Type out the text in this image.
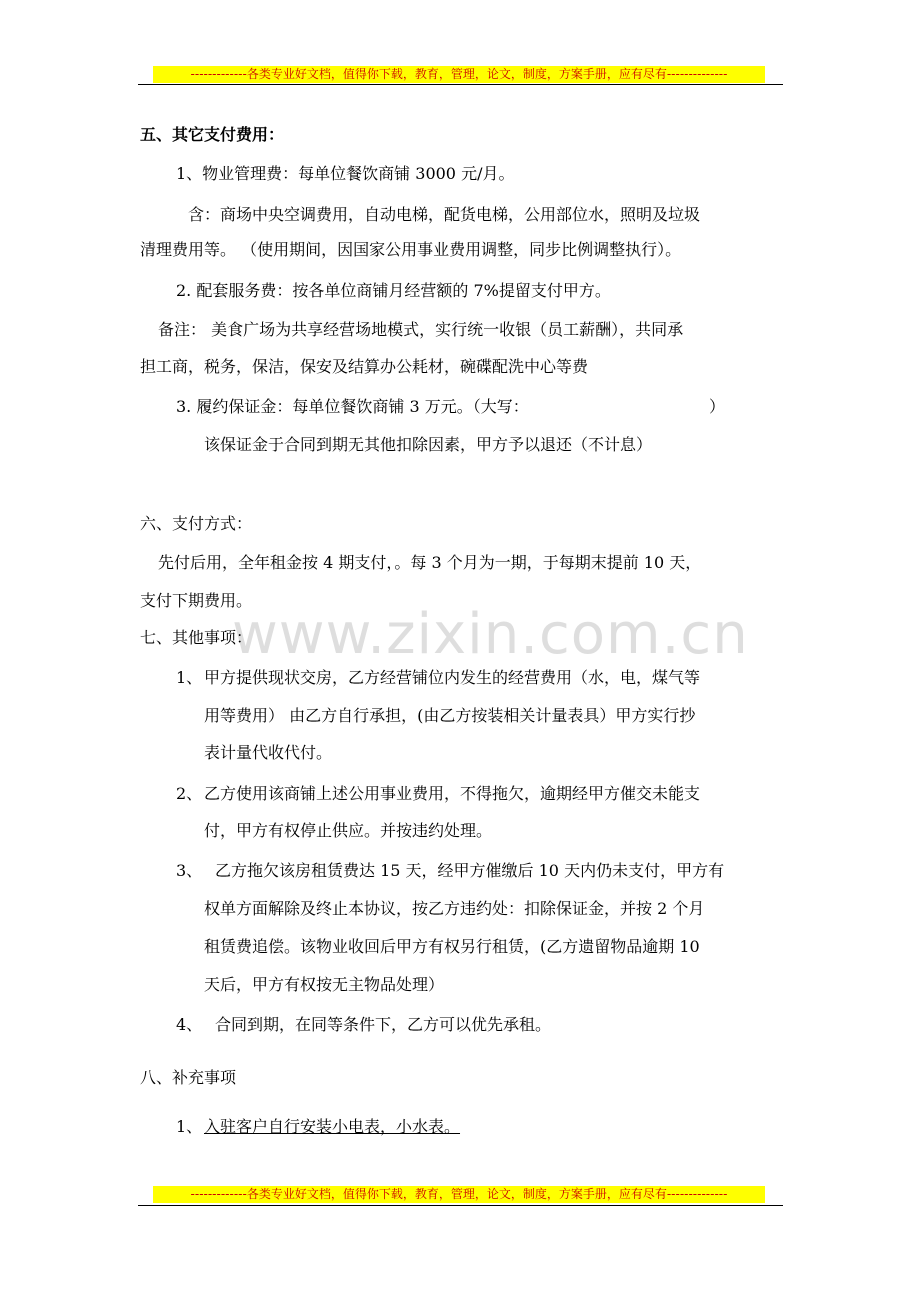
-------------各类专业好文档，值得你下载，教育，管理，论文，制度，方案手册，应有尽有--------------
www.zixin.com.cn
五、其它支付费用：
1、物业管理费：每单位餐饮商铺 3000 元/月。
含：商场中央空调费用，自动电梯，配货电梯，公用部位水，照明及垃圾
清理费用等。 （使用期间，因国家公用事业费用调整，同步比例调整执行）。
2. 配套服务费：按各单位商铺月经营额的 7%提留支付甲方。
备注： 美食广场为共享经营场地模式，实行统一收银（员工薪酬），共同承
担工商，税务，保洁，保安及结算办公耗材，碗碟配洗中心等费
3. 履约保证金：每单位餐饮商铺 3 万元。（大写：	）
该保证金于合同到期无其他扣除因素，甲方予以退还（不计息）
六、支付方式：
先付后用，全年租金按 4 期支付，。每 3 个月为一期，于每期末提前 10 天，
支付下期费用。
七、其他事项：
1、 甲方提供现状交房，乙方经营铺位内发生的经营费用（水，电，煤气等
用等费用） 由乙方自行承担，(由乙方按装相关计量表具）甲方实行抄
表计量代收代付。
2、 乙方使用该商铺上述公用事业费用，不得拖欠，逾期经甲方催交未能支
付，甲方有权停止供应。并按违约处理。
3、 乙方拖欠该房租赁费达 15 天，经甲方催缴后 10 天内仍未支付，甲方有
权单方面解除及终止本协议，按乙方违约处：扣除保证金，并按 2 个月
租赁费追偿。该物业收回后甲方有权另行租赁，(乙方遗留物品逾期 10
天后，甲方有权按无主物品处理）
4、 合同到期，在同等条件下，乙方可以优先承租。
八、补充事项
1、 入驻客户自行安装小电表，小水表。
-------------各类专业好文档，值得你下载，教育，管理，论文，制度，方案手册，应有尽有--------------
